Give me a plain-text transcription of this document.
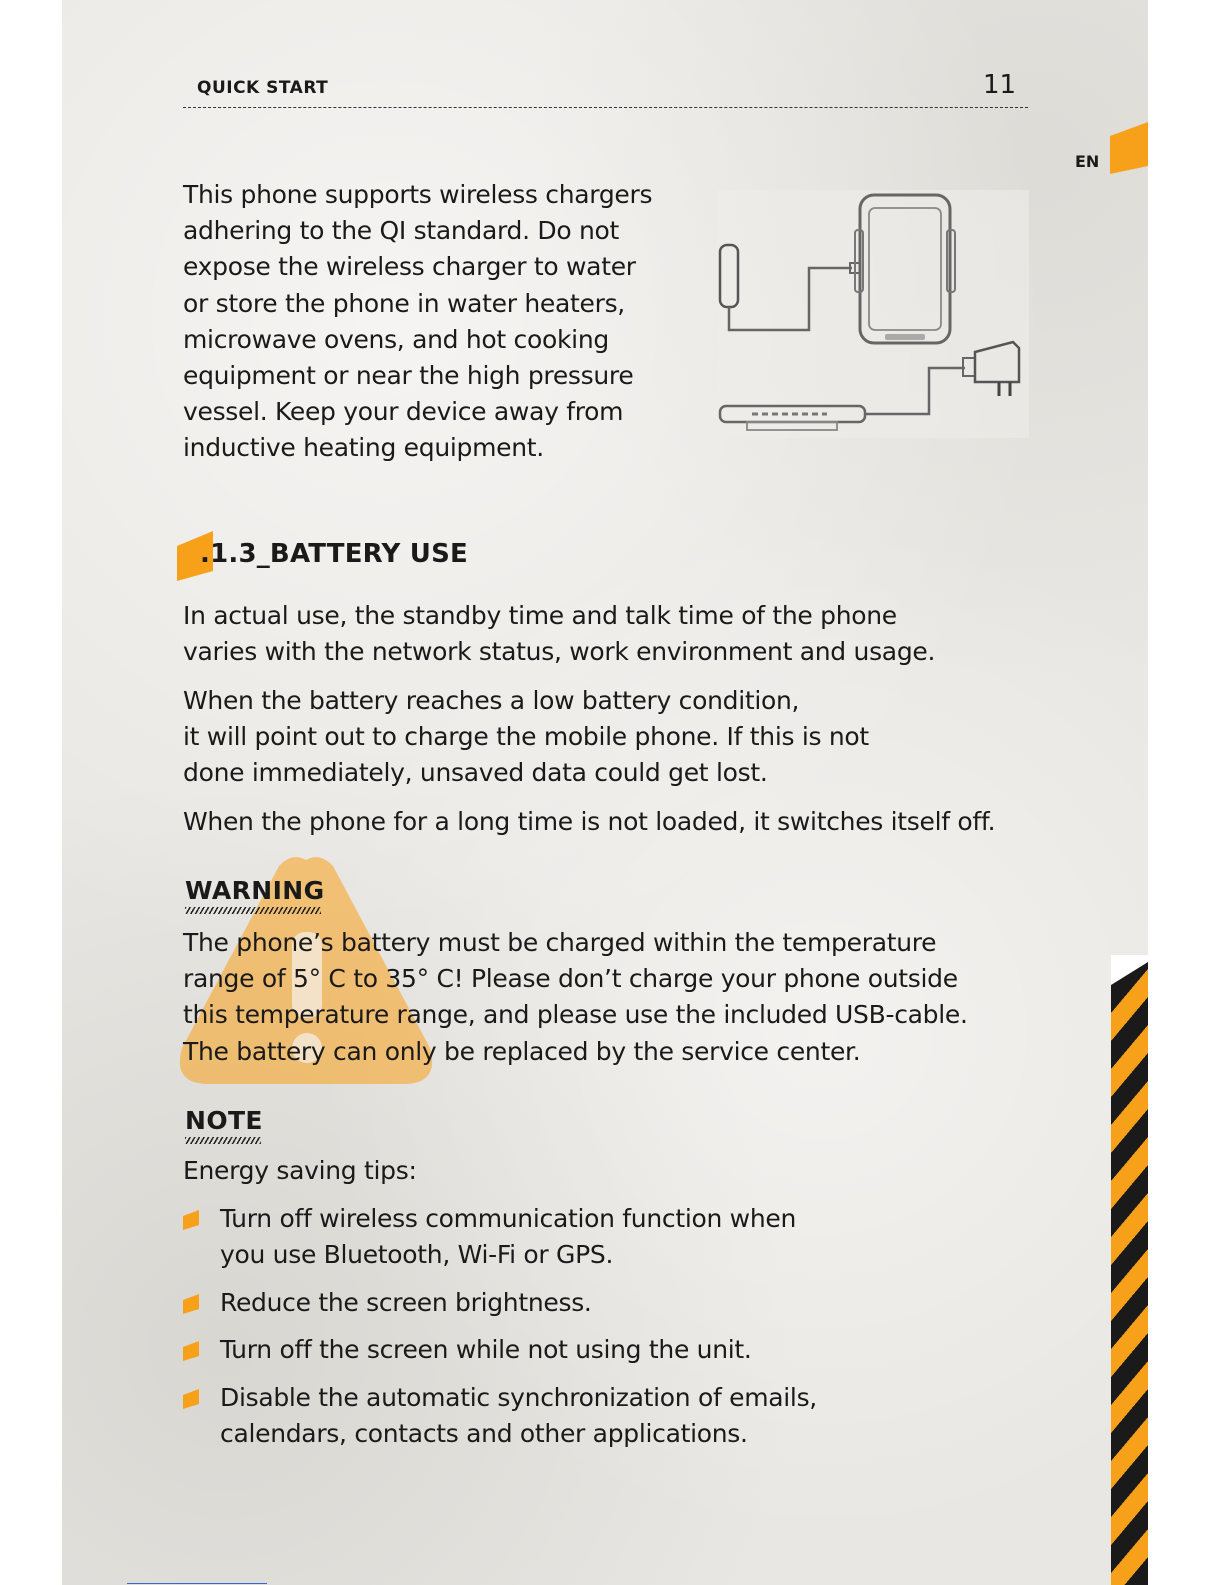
QUICK START	11
EN
This phone supports wireless chargers
adhering to the QI standard. Do not
expose the wireless charger to water
or store the phone in water heaters,
microwave ovens, and hot cooking
equipment or near the high pressure
vessel. Keep your device away from
inductive heating equipment.
.1.3_BATTERY USE
In actual use, the standby time and talk time of the phone
varies with the network status, work environment and usage.
When the battery reaches a low battery condition,
it will point out to charge the mobile phone. If this is not
done immediately, unsaved data could get lost.
When the phone for a long time is not loaded, it switches itself off.
WARNING
The phone’s battery must be charged within the temperature
range of 5° C to 35° C! Please don’t charge your phone outside
this temperature range, and please use the included USB-cable.
The battery can only be replaced by the service center.
NOTE
Energy saving tips:
Turn off wireless communication function when
you use Bluetooth, Wi-Fi or GPS.
Reduce the screen brightness.
Turn off the screen while not using the unit.
Disable the automatic synchronization of emails,
calendars, contacts and other applications.
